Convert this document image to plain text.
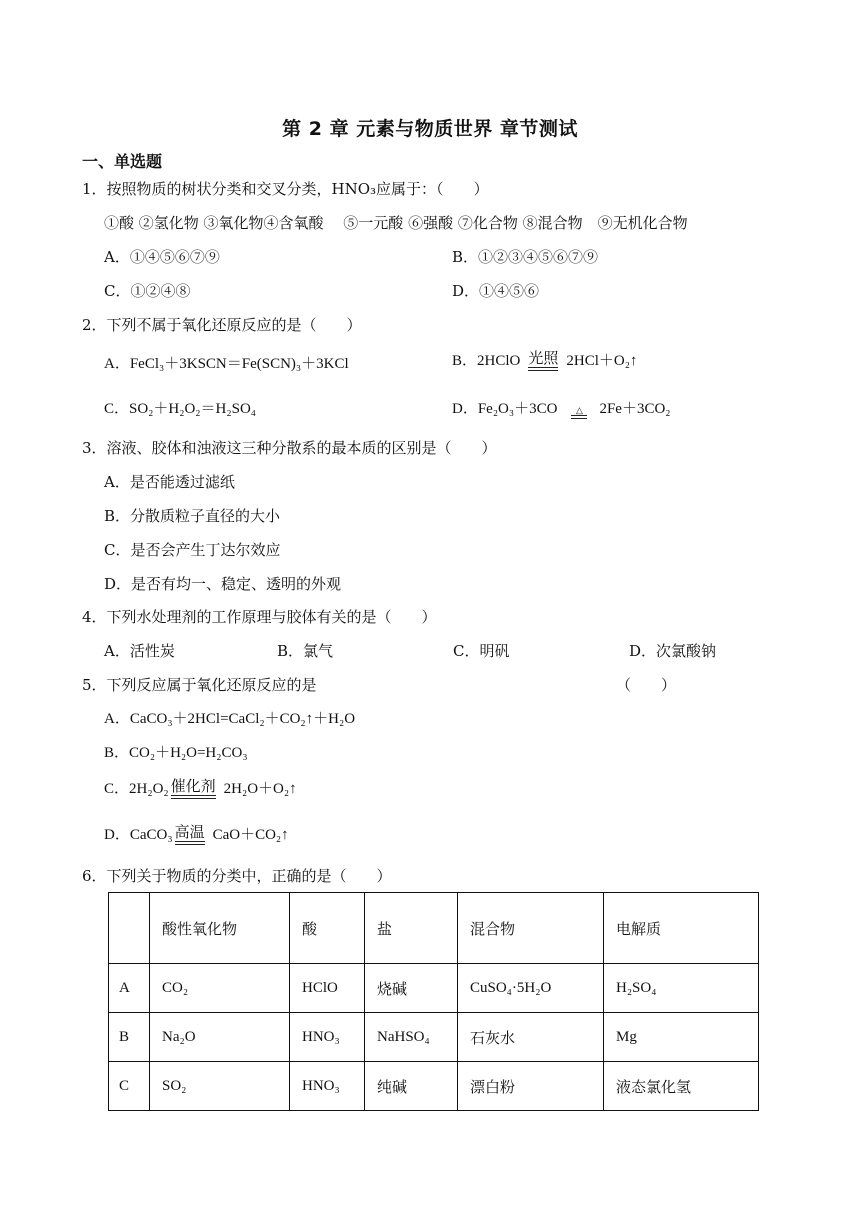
第 2 章 元素与物质世界 章节测试
一、单选题
1．按照物质的树状分类和交叉分类，HNO₃应属于：（　　）
①酸 ②氢化物 ③氧化物④含氧酸　 ⑤一元酸 ⑥强酸 ⑦化合物 ⑧混合物　⑨无机化合物
A．①④⑤⑥⑦⑨	B．①②③④⑤⑥⑦⑨
C．①②④⑧	D．①④⑤⑥
2．下列不属于氧化还原反应的是（　　）
A．FeCl₃＋3KSCN＝Fe(SCN)₃＋3KCl	B．2HClO 光照 2HCl＋O₂↑
C．SO₂＋H₂O₂＝H₂SO₄	D．Fe₂O₃＋3CO	△	2Fe＋3CO₂
3．溶液、胶体和浊液这三种分散系的最本质的区别是（　　）
A．是否能透过滤纸
B．分散质粒子直径的大小
C．是否会产生丁达尔效应
D．是否有均一、稳定、透明的外观
4．下列水处理剂的工作原理与胶体有关的是（　　）
A．活性炭	B．氯气	C．明矾	D．次氯酸钠
5．下列反应属于氧化还原反应的是	（　　）
A．CaCO₃＋2HCl=CaCl₂＋CO₂↑＋H₂O
B．CO₂＋H₂O=H₂CO₃
C．2H₂O₂ 催化剂 2H₂O＋O₂↑
D．CaCO₃ 高温 CaO＋CO₂↑
6．下列关于物质的分类中，正确的是（　　）
	酸性氧化物	酸	盐	混合物	电解质
A	CO₂	HClO	烧碱	CuSO₄·5H₂O	H₂SO₄
B	Na₂O	HNO₃	NaHSO₄	石灰水	Mg
C	SO₂	HNO₃	纯碱	漂白粉	液态氯化氢
